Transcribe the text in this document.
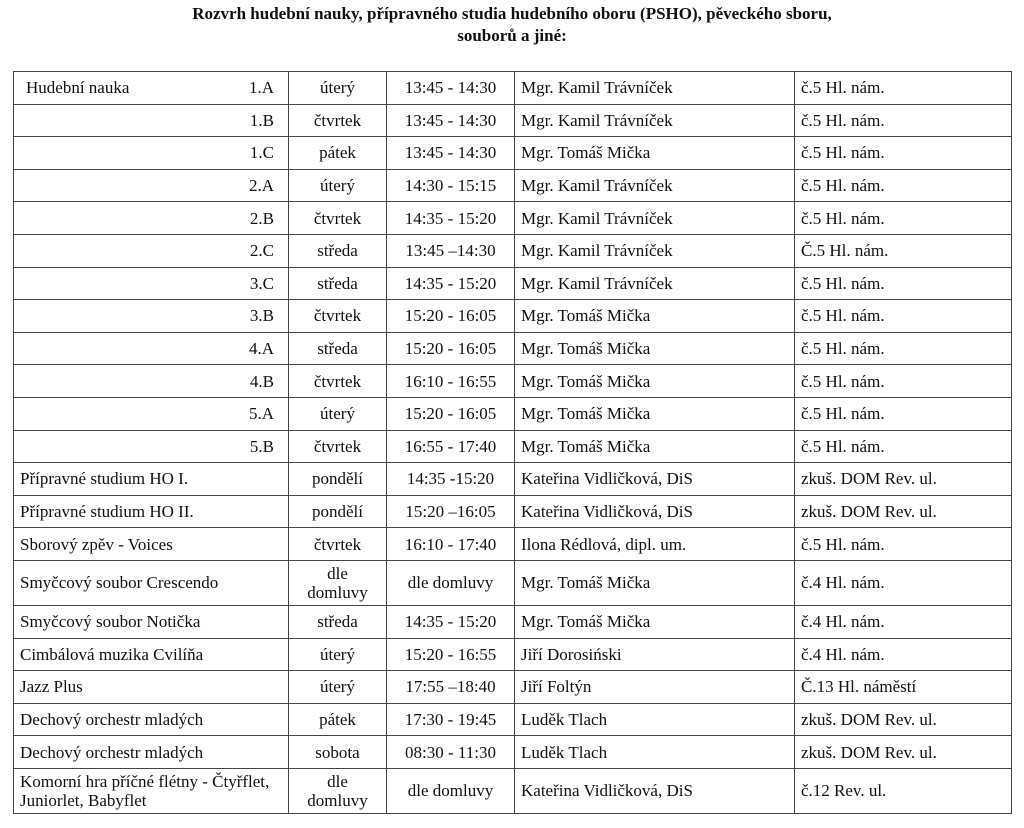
Rozvrh hudební nauky, přípravného studia hudebního oboru (PSHO), pěveckého sboru,
souborů a jiné:
Hudební nauka 1.A	úterý	13:45 - 14:30	Mgr. Kamil Trávníček	č.5 Hl. nám.
1.B	čtvrtek	13:45 - 14:30	Mgr. Kamil Trávníček	č.5 Hl. nám.
1.C	pátek	13:45 - 14:30	Mgr. Tomáš Mička	č.5 Hl. nám.
2.A	úterý	14:30 - 15:15	Mgr. Kamil Trávníček	č.5 Hl. nám.
2.B	čtvrtek	14:35 - 15:20	Mgr. Kamil Trávníček	č.5 Hl. nám.
2.C	středa	13:45 –14:30	Mgr. Kamil Trávníček	Č.5 Hl. nám.
3.C	středa	14:35 - 15:20	Mgr. Kamil Trávníček	č.5 Hl. nám.
3.B	čtvrtek	15:20 - 16:05	Mgr. Tomáš Mička	č.5 Hl. nám.
4.A	středa	15:20 - 16:05	Mgr. Tomáš Mička	č.5 Hl. nám.
4.B	čtvrtek	16:10 - 16:55	Mgr. Tomáš Mička	č.5 Hl. nám.
5.A	úterý	15:20 - 16:05	Mgr. Tomáš Mička	č.5 Hl. nám.
5.B	čtvrtek	16:55 - 17:40	Mgr. Tomáš Mička	č.5 Hl. nám.
Přípravné studium HO I.	pondělí	14:35 -15:20	Kateřina Vidličková, DiS	zkuš. DOM Rev. ul.
Přípravné studium HO II.	pondělí	15:20 –16:05	Kateřina Vidličková, DiS	zkuš. DOM Rev. ul.
Sborový zpěv - Voices	čtvrtek	16:10 - 17:40	Ilona Rédlová, dipl. um.	č.5 Hl. nám.
Smyčcový soubor Crescendo	dle domluvy	dle domluvy	Mgr. Tomáš Mička	č.4 Hl. nám.
Smyčcový soubor Notička	středa	14:35 - 15:20	Mgr. Tomáš Mička	č.4 Hl. nám.
Cimbálová muzika Cvilíňa	úterý	15:20 - 16:55	Jiří Dorosiński	č.4 Hl. nám.
Jazz Plus	úterý	17:55 –18:40	Jiří Foltýn	Č.13 Hl. náměstí
Dechový orchestr mladých	pátek	17:30 - 19:45	Luděk Tlach	zkuš. DOM Rev. ul.
Dechový orchestr mladých	sobota	08:30 - 11:30	Luděk Tlach	zkuš. DOM Rev. ul.
Komorní hra příčné flétny - Čtyřflet, Juniorlet, Babyflet	dle domluvy	dle domluvy	Kateřina Vidličková, DiS	č.12 Rev. ul.
